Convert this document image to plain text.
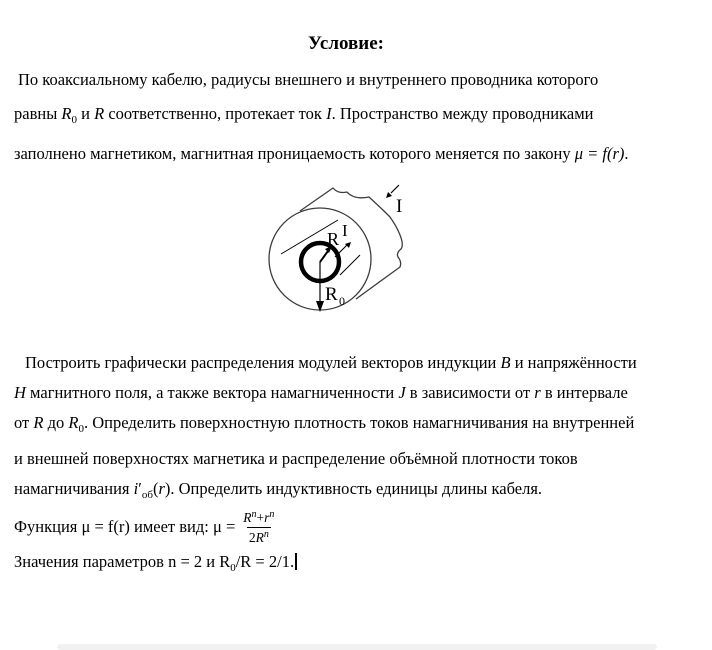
Условие:
По коаксиальному кабелю, радиусы внешнего и внутреннего проводника которого
равны $R_0$ и R соответственно, протекает ток I. Пространство между проводниками
заполнено магнетиком, магнитная проницаемость которого меняется по закону μ = f(r).
R I
R 0
I
Построить графически распределения модулей векторов индукции B и напряжённости
H магнитного поля, а также вектора намагниченности J в зависимости от r в интервале
от R до $R_0$. Определить поверхностную плотность токов намагничивания на внутренней
и внешней поверхностях магнетика и распределение объёмной плотности токов
намагничивания $i'_{об}(r)$. Определить индуктивность единицы длины кабеля.
Функция μ = f(r) имеет вид: $\mu = \frac{R^n+r^n}{2R^n}$
Значения параметров n = 2 и $R_0/R = 2/1$.
